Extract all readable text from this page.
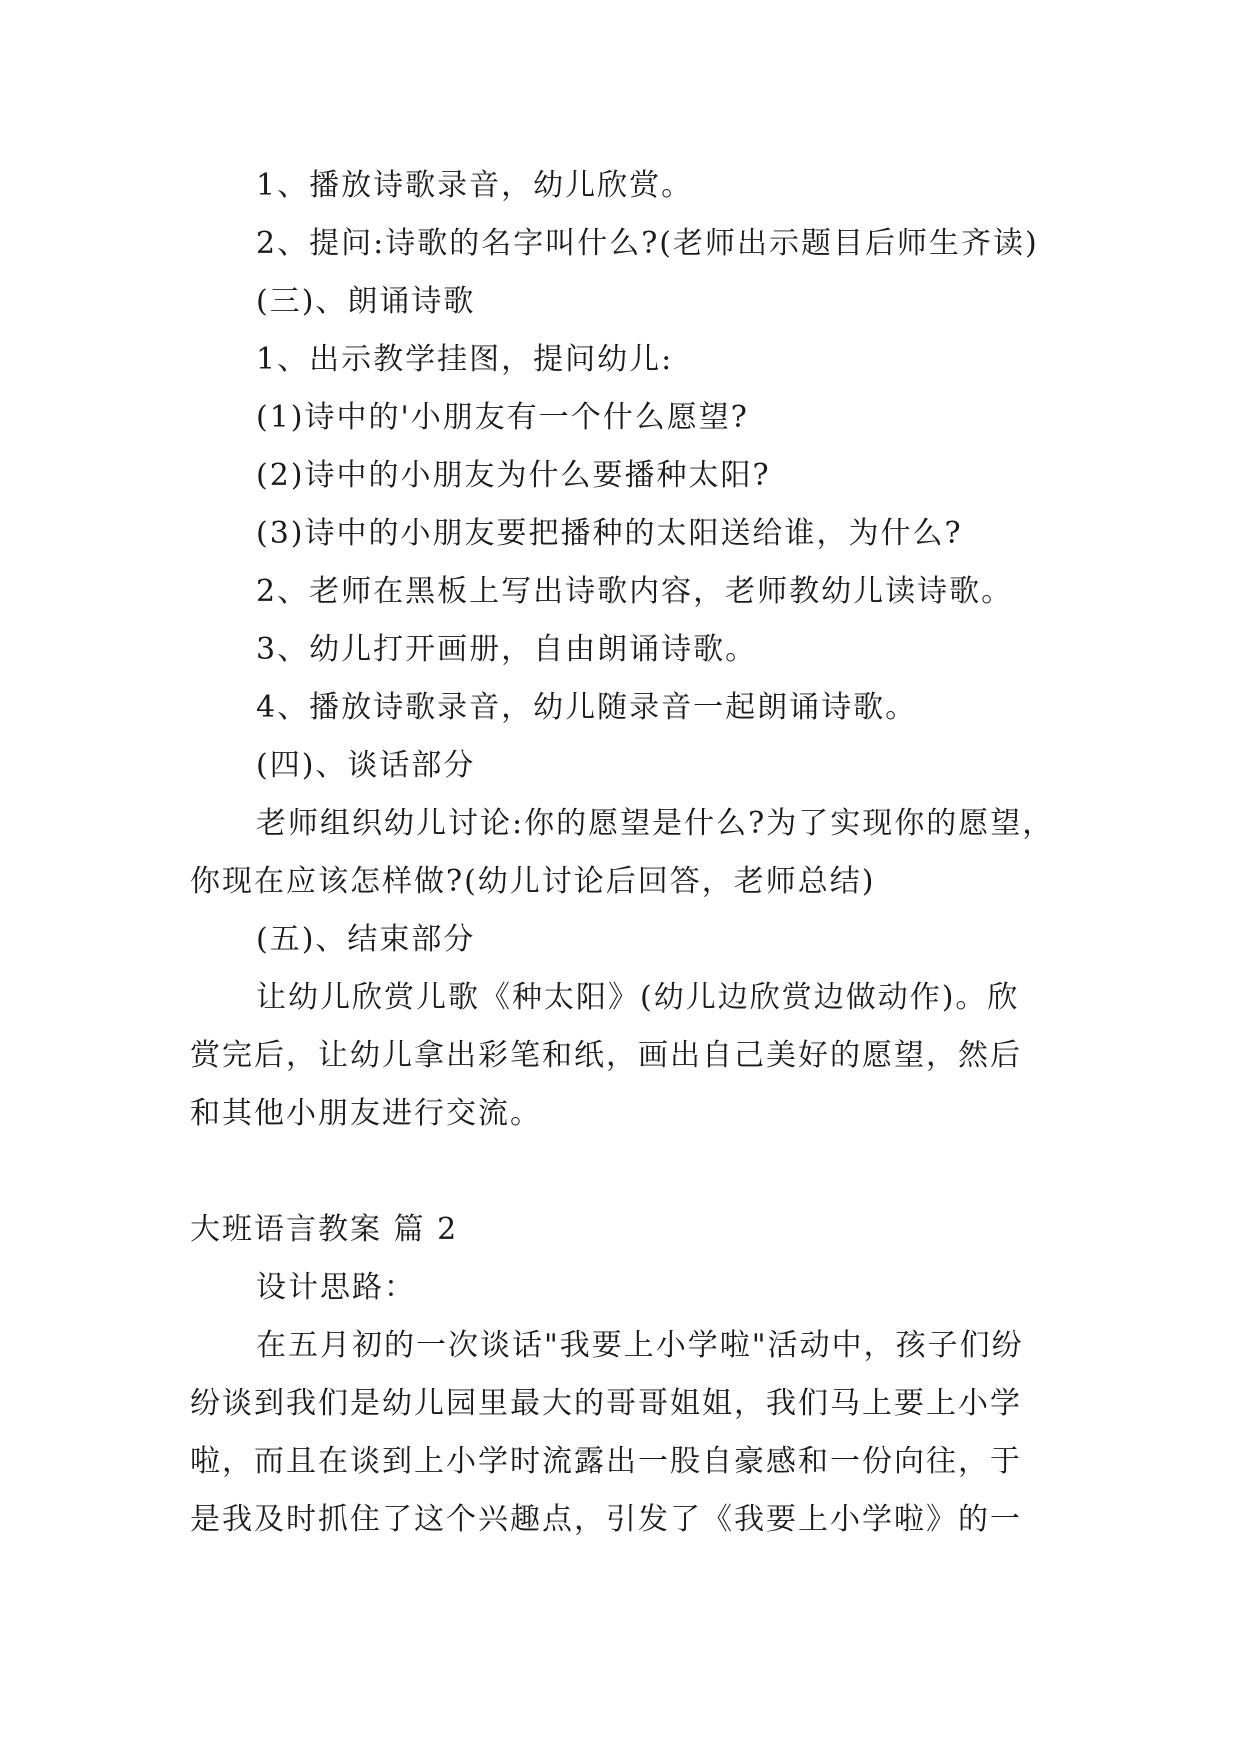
1、播放诗歌录音，幼儿欣赏。
2、提问:诗歌的名字叫什么?(老师出示题目后师生齐读)
(三)、朗诵诗歌
1、出示教学挂图，提问幼儿:
(1)诗中的'小朋友有一个什么愿望?
(2)诗中的小朋友为什么要播种太阳?
(3)诗中的小朋友要把播种的太阳送给谁，为什么?
2、老师在黑板上写出诗歌内容，老师教幼儿读诗歌。
3、幼儿打开画册，自由朗诵诗歌。
4、播放诗歌录音，幼儿随录音一起朗诵诗歌。
(四)、谈话部分
老师组织幼儿讨论:你的愿望是什么?为了实现你的愿望，
你现在应该怎样做?(幼儿讨论后回答，老师总结)
(五)、结束部分
让幼儿欣赏儿歌《种太阳》(幼儿边欣赏边做动作)。欣
赏完后，让幼儿拿出彩笔和纸，画出自己美好的愿望，然后
和其他小朋友进行交流。
大班语言教案 篇 2
设计思路：
在五月初的一次谈话"我要上小学啦"活动中，孩子们纷
纷谈到我们是幼儿园里最大的哥哥姐姐，我们马上要上小学
啦，而且在谈到上小学时流露出一股自豪感和一份向往，于
是我及时抓住了这个兴趣点，引发了《我要上小学啦》的一
